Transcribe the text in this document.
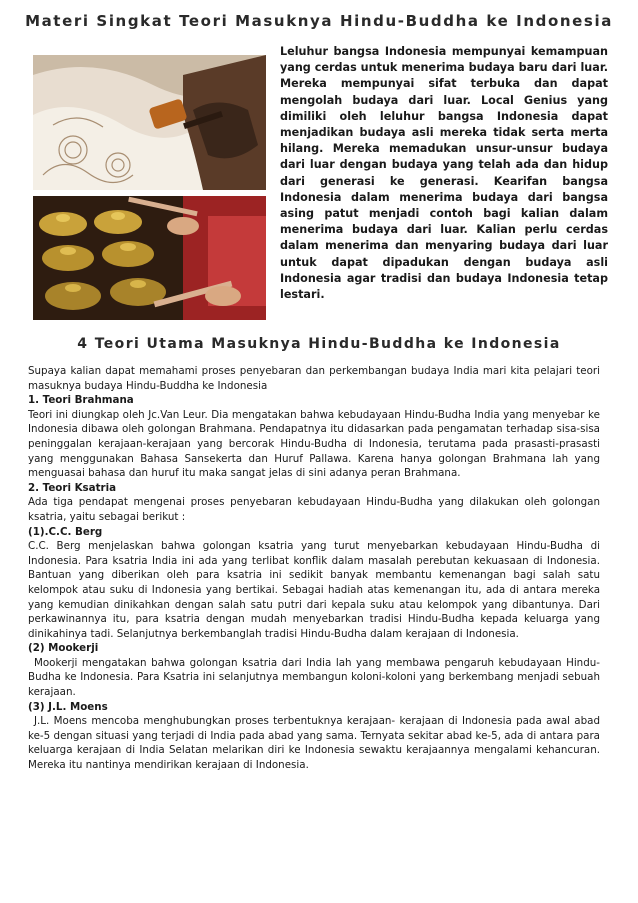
Materi Singkat Teori Masuknya Hindu-Buddha ke Indonesia

Leluhur bangsa Indonesia mempunyai kemampuan yang cerdas untuk menerima budaya baru dari luar. Mereka mempunyai sifat terbuka dan dapat mengolah budaya dari luar. Local Genius yang dimiliki oleh leluhur bangsa Indonesia dapat menjadikan budaya asli mereka tidak serta merta hilang. Mereka memadukan unsur-unsur budaya dari luar dengan budaya yang telah ada dan hidup dari generasi ke generasi. Kearifan bangsa Indonesia dalam menerima budaya dari bangsa asing patut menjadi contoh bagi kalian dalam menerima budaya dari luar. Kalian perlu cerdas dalam menerima dan menyaring budaya dari luar untuk dapat dipadukan dengan budaya asli Indonesia agar tradisi dan budaya Indonesia tetap lestari.

4 Teori Utama Masuknya Hindu-Buddha ke Indonesia

Supaya kalian dapat memahami proses penyebaran dan perkembangan budaya India mari kita pelajari teori masuknya budaya Hindu-Buddha ke Indonesia

1. Teori Brahmana

Teori ini diungkap oleh Jc.Van Leur. Dia mengatakan bahwa kebudayaan Hindu-Budha India yang menyebar ke Indonesia dibawa oleh golongan Brahmana. Pendapatnya itu didasarkan pada pengamatan terhadap sisa-sisa peninggalan kerajaan-kerajaan yang bercorak Hindu-Budha di Indonesia, terutama pada prasasti-prasasti yang menggunakan Bahasa Sansekerta dan Huruf Pallawa. Karena hanya golongan Brahmana lah yang menguasai bahasa dan huruf itu maka sangat jelas di sini adanya peran Brahmana.

2. Teori Ksatria

Ada tiga pendapat mengenai proses penyebaran kebudayaan Hindu-Budha yang dilakukan oleh golongan ksatria, yaitu sebagai berikut :

(1).C.C. Berg

C.C. Berg menjelaskan bahwa golongan ksatria yang turut menyebarkan kebudayaan Hindu-Budha di Indonesia. Para ksatria India ini ada yang terlibat konflik dalam masalah perebutan kekuasaan di Indonesia. Bantuan yang diberikan oleh para ksatria ini sedikit banyak membantu kemenangan bagi salah satu kelompok atau suku di Indonesia yang bertikai. Sebagai hadiah atas kemenangan itu, ada di antara mereka yang kemudian dinikahkan dengan salah satu putri dari kepala suku atau kelompok yang dibantunya. Dari perkawinannya itu, para ksatria dengan mudah menyebarkan tradisi Hindu-Budha kepada keluarga yang dinikahinya tadi. Selanjutnya berkembanglah tradisi Hindu-Budha dalam kerajaan di Indonesia.

(2) Mookerji

Mookerji mengatakan bahwa golongan ksatria dari India lah yang membawa pengaruh kebudayaan Hindu-Budha ke Indonesia. Para Ksatria ini selanjutnya membangun koloni-koloni yang berkembang menjadi sebuah kerajaan.

(3) J.L. Moens

J.L. Moens mencoba menghubungkan proses terbentuknya kerajaan- kerajaan di Indonesia pada awal abad ke-5 dengan situasi yang terjadi di India pada abad yang sama. Ternyata sekitar abad ke-5, ada di antara para keluarga kerajaan di India Selatan melarikan diri ke Indonesia sewaktu kerajaannya mengalami kehancuran. Mereka itu nantinya mendirikan kerajaan di Indonesia.
